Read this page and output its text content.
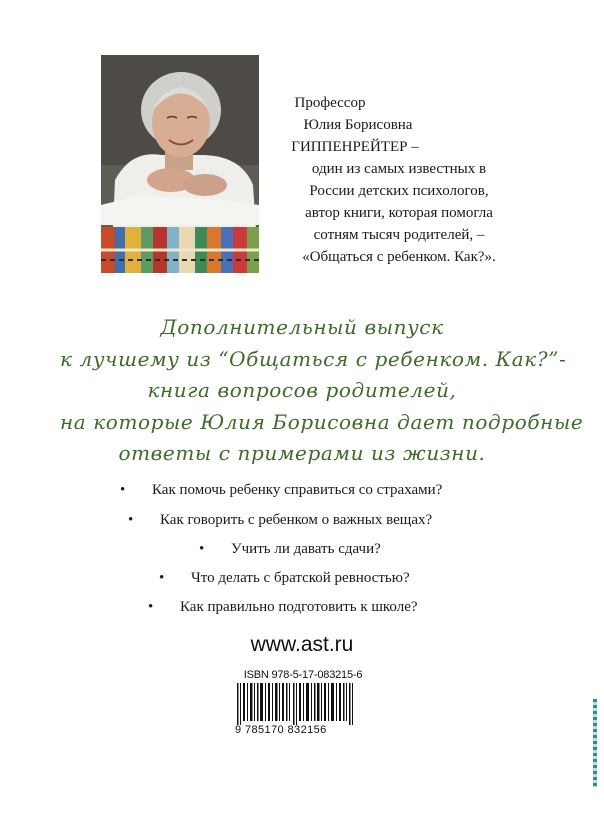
Профессор
Юлия Борисовна
ГИППЕНРЕЙТЕР –
один из самых известных в
России детских психологов,
автор книги, которая помогла
сотням тысяч родителей, –
«Общаться с ребенком. Как?».
Дополнительный выпуск
к лучшему из “Общаться с ребенком. Как?”-
книга вопросов родителей,
на которые Юлия Борисовна дает подробные
ответы с примерами из жизни.
• Как помочь ребенку справиться со страхами?
• Как говорить с ребенком о важных вещах?
• Учить ли давать сдачи?
• Что делать с братской ревностью?
• Как правильно подготовить к школе?
www.ast.ru
ISBN 978-5-17-083215-6
9 785170 832156
